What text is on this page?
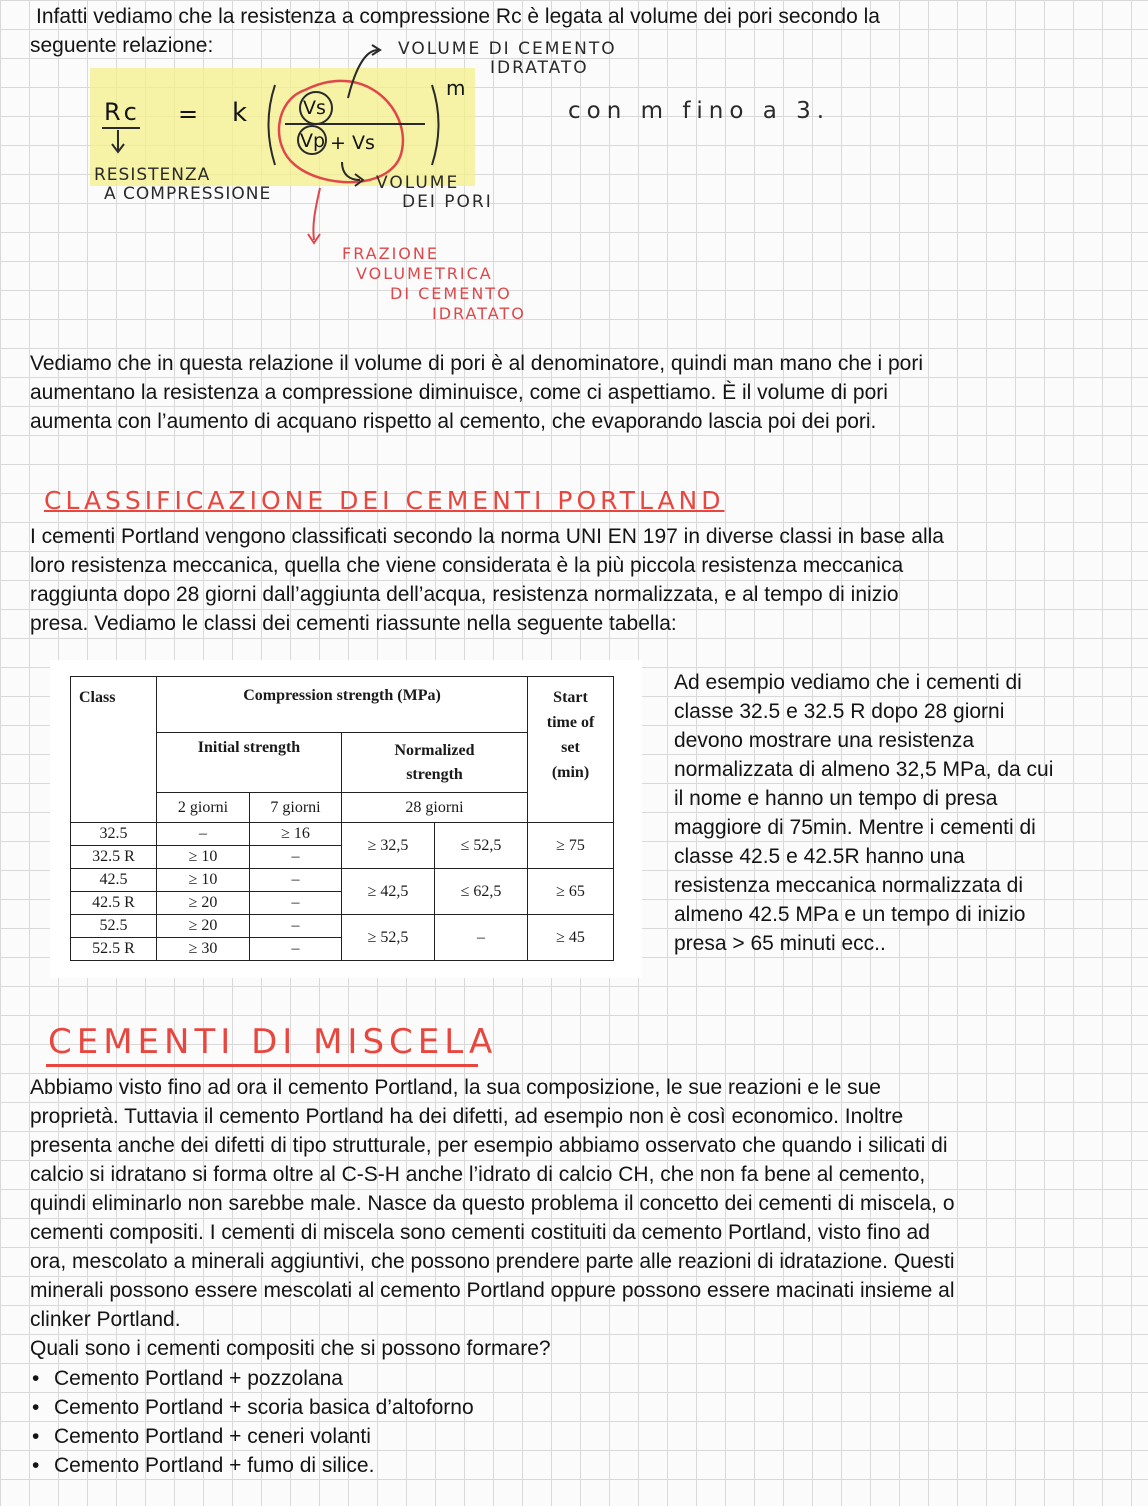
Infatti vediamo che la resistenza a compressione Rc è legata al volume dei pori secondo la
seguente relazione:

Rc = k	Vs
Vp + Vs
m
con m fino a 3.
VOLUME DI CEMENTO
IDRATATO
RESISTENZA
A COMPRESSIONE
VOLUME
DEI PORI
FRAZIONE
VOLUMETRICA
DI CEMENTO
IDRATATO

Vediamo che in questa relazione il volume di pori è al denominatore, quindi man mano che i pori
aumentano la resistenza a compressione diminuisce, come ci aspettiamo. È il volume di pori
aumenta con l’aumento di acquano rispetto al cemento, che evaporando lascia poi dei pori.

CLASSIFICAZIONE DEI CEMENTI PORTLAND

I cementi Portland vengono classificati secondo la norma UNI EN 197 in diverse classi in base alla
loro resistenza meccanica, quella che viene considerata è la più piccola resistenza meccanica
raggiunta dopo 28 giorni dall’aggiunta dell’acqua, resistenza normalizzata, e al tempo di inizio
presa. Vediamo le classi dei cementi riassunte nella seguente tabella:

Class	Compression strength (MPa)				Start
time of
set
(min)
	Initial strength		Normalized
strength		
	2 giorni	7 giorni	28 giorni		
32.5	–	≥ 16	≥ 32,5	≤ 52,5	≥ 75
32.5 R	≥ 10	–			
42.5	≥ 10	–	≥ 42,5	≤ 62,5	≥ 65
42.5 R	≥ 20	–			
52.5	≥ 20	–	≥ 52,5	–	≥ 45
52.5 R	≥ 30	–			

Ad esempio vediamo che i cementi di
classe 32.5 e 32.5 R dopo 28 giorni
devono mostrare una resistenza
normalizzata di almeno 32,5 MPa, da cui
il nome e hanno un tempo di presa
maggiore di 75min. Mentre i cementi di
classe 42.5 e 42.5R hanno una
resistenza meccanica normalizzata di
almeno 42.5 MPa e un tempo di inizio
presa > 65 minuti ecc..

CEMENTI DI MISCELA

Abbiamo visto fino ad ora il cemento Portland, la sua composizione, le sue reazioni e le sue
proprietà. Tuttavia il cemento Portland ha dei difetti, ad esempio non è così economico. Inoltre
presenta anche dei difetti di tipo strutturale, per esempio abbiamo osservato che quando i silicati di
calcio si idratano si forma oltre al C-S-H anche l’idrato di calcio CH, che non fa bene al cemento,
quindi eliminarlo non sarebbe male. Nasce da questo problema il concetto dei cementi di miscela, o
cementi compositi. I cementi di miscela sono cementi costituiti da cemento Portland, visto fino ad
ora, mescolato a minerali aggiuntivi, che possono prendere parte alle reazioni di idratazione. Questi
minerali possono essere mescolati al cemento Portland oppure possono essere macinati insieme al
clinker Portland.
Quali sono i cementi compositi che si possono formare?

• Cemento Portland + pozzolana
• Cemento Portland + scoria basica d’altoforno
• Cemento Portland + ceneri volanti
• Cemento Portland + fumo di silice.
